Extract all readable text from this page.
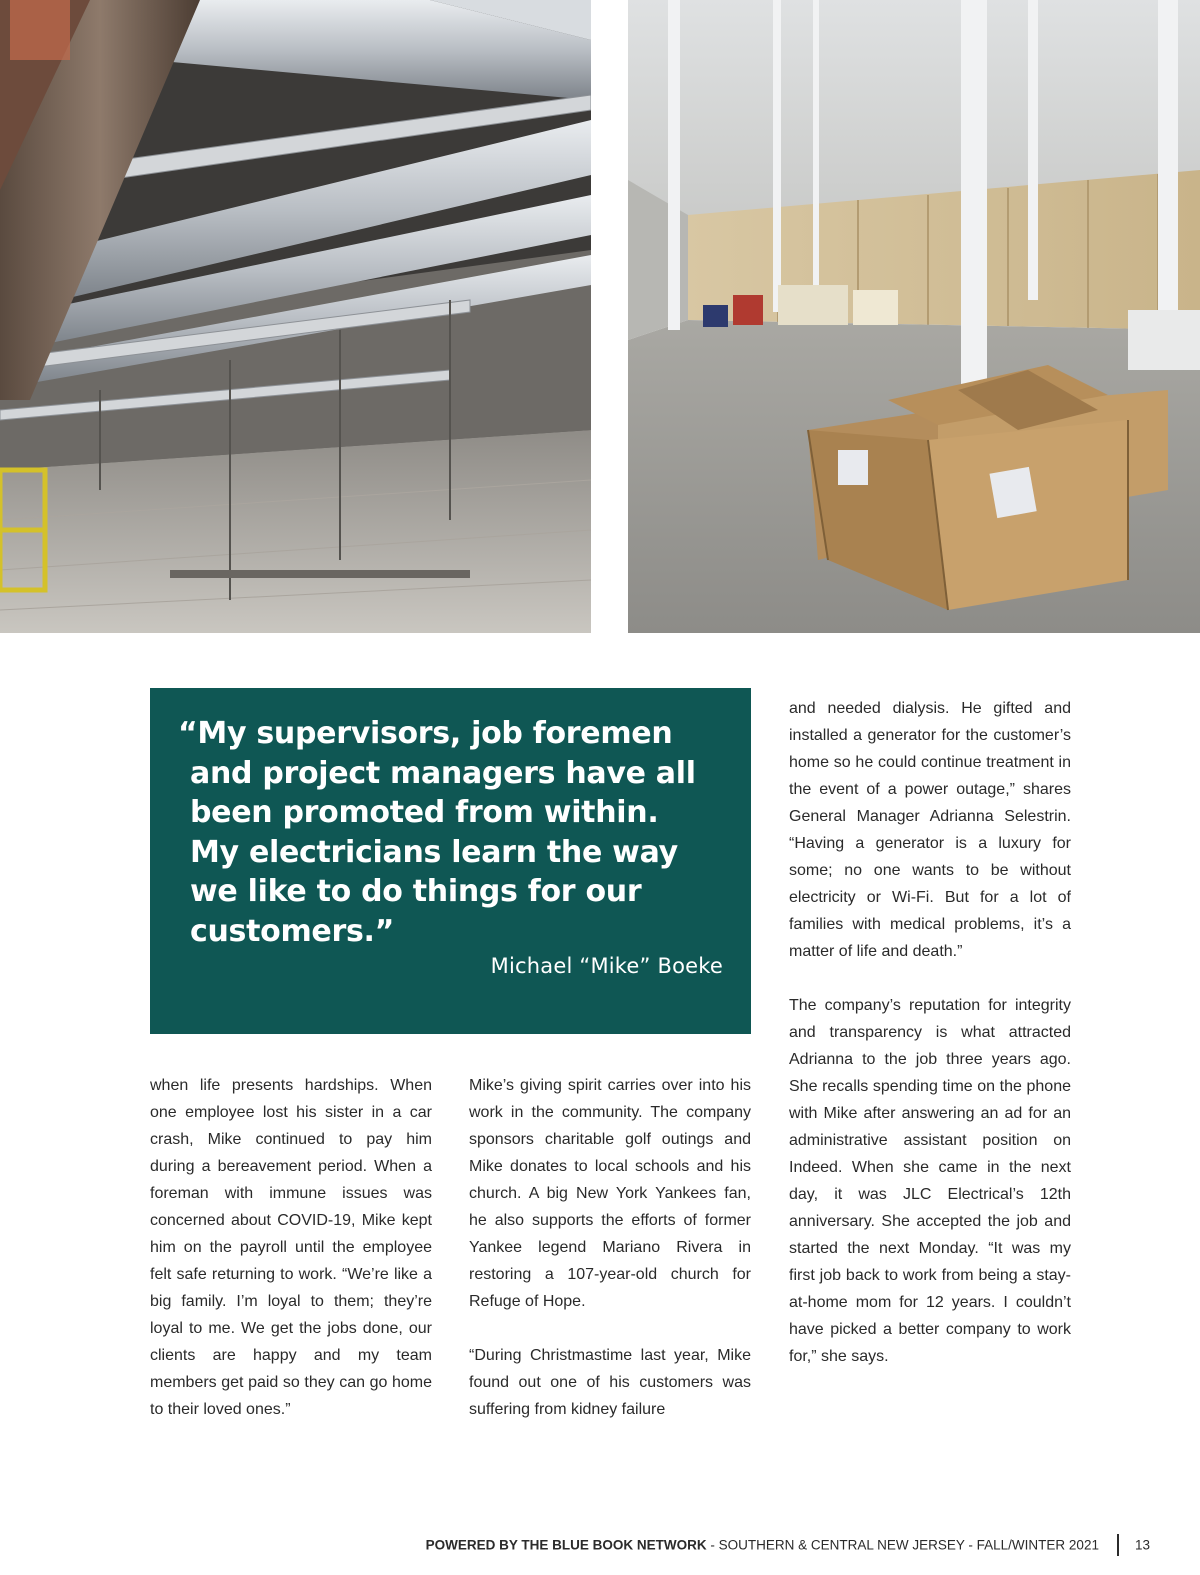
“My supervisors, job foremen and project managers have all been promoted from within. My electricians learn the way we like to do things for our customers.”

Michael “Mike” Boeke

when life presents hardships. When one employee lost his sister in a car crash, Mike continued to pay him during a bereavement period. When a foreman with immune issues was concerned about COVID-19, Mike kept him on the payroll until the employee felt safe returning to work. “We’re like a big family. I’m loyal to them; they’re loyal to me. We get the jobs done, our clients are happy and my team members get paid so they can go home to their loved ones.”

Mike’s giving spirit carries over into his work in the community. The company sponsors charitable golf outings and Mike donates to local schools and his church. A big New York Yankees fan, he also supports the efforts of former Yankee legend Mariano Rivera in restoring a 107-year-old church for Refuge of Hope.

“During Christmastime last year, Mike found out one of his customers was suffering from kidney failure

and needed dialysis. He gifted and installed a generator for the customer’s home so he could continue treatment in the event of a power outage,” shares General Manager Adrianna Selestrin. “Having a generator is a luxury for some; no one wants to be without electricity or Wi-Fi. But for a lot of families with medical problems, it’s a matter of life and death.”

The company’s reputation for integrity and transparency is what attracted Adrianna to the job three years ago. She recalls spending time on the phone with Mike after answering an ad for an administrative assistant position on Indeed. When she came in the next day, it was JLC Electrical’s 12th anniversary. She accepted the job and started the next Monday. “It was my first job back to work from being a stay-at-home mom for 12 years. I couldn’t have picked a better company to work for,” she says.

POWERED BY THE BLUE BOOK NETWORK - SOUTHERN & CENTRAL NEW JERSEY - FALL/WINTER 2021	13
